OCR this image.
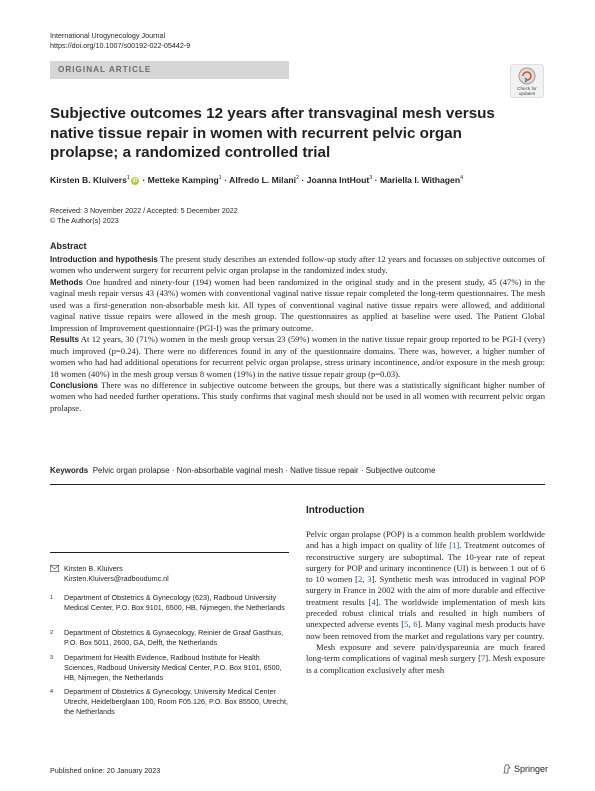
International Urogynecology Journal
https://doi.org/10.1007/s00192-022-05442-9
ORIGINAL ARTICLE
Check for
updates
Subjective outcomes 12 years after transvaginal mesh versus native tissue repair in women with recurrent pelvic organ prolapse; a randomized controlled trial
Kirsten B. Kluivers$^1$ iD · Metteke Kamping$^1$ · Alfredo L. Milani$^2$ · Joanna IntHout$^3$ · Mariella I. Withagen$^4$
Received: 3 November 2022 / Accepted: 5 December 2022
© The Author(s) 2023
Abstract

Introduction and hypothesis The present study describes an extended follow-up study after 12 years and focusses on subjective outcomes of women who underwent surgery for recurrent pelvic organ prolapse in the randomized index study.

Methods One hundred and ninety-four (194) women had been randomized in the original study and in the present study, 45 (47%) in the vaginal mesh repair versus 43 (43%) women with conventional vaginal native tissue repair completed the long-term questionnaires. The mesh used was a first-generation non-absorbable mesh kit. All types of conventional vaginal native tissue repairs were allowed, and additional vaginal native tissue repairs were allowed in the mesh group. The questionnaires as applied at baseline were used. The Patient Global Impression of Improvement questionnaire (PGI-I) was the primary outcome.

Results At 12 years, 30 (71%) women in the mesh group versus 23 (59%) women in the native tissue repair group reported to be PGI-I (very) much improved (p=0.24). There were no differences found in any of the questionnaire domains. There was, however, a higher number of women who had had additional operations for recurrent pelvic organ prolapse, stress urinary incontinence, and/or exposure in the mesh group: 18 women (40%) in the mesh group versus 8 women (19%) in the native tissue repair group (p=0.03).

Conclusions There was no difference in subjective outcome between the groups, but there was a statistically significant higher number of women who had needed further operations. This study confirms that vaginal mesh should not be used in all women with recurrent pelvic organ prolapse.

Keywords Pelvic organ prolapse · Non-absorbable vaginal mesh · Native tissue repair · Subjective outcome
Introduction

Pelvic organ prolapse (POP) is a common health problem worldwide and has a high impact on quality of life [1]. Treatment outcomes of reconstructive surgery are suboptimal. The 10-year rate of repeat surgery for POP and urinary incontinence (UI) is between 1 out of 6 to 10 women [2, 3]. Synthetic mesh was introduced in vaginal POP surgery in France in 2002 with the aim of more durable and effective treatment results [4]. The worldwide implementation of mesh kits preceded robust clinical trials and resulted in high numbers of unexpected adverse events [5, 6]. Many vaginal mesh products have now been removed from the market and regulations vary per country.

Mesh exposure and severe pain/dyspareunia are much feared long-term complications of vaginal mesh surgery [7]. Mesh exposure is a complication exclusively after mesh

Kirsten B. Kluivers
Kirsten.Kluivers@radboudumc.nl
1 Department of Obstetrics & Gynecology (623), Radboud University Medical Center, P.O. Box 9101, 6500, HB, Nijmegen, the Netherlands
2 Department of Obstetrics & Gynaecology, Reinier de Graaf Gasthuis, P.O. Box 5011, 2600, GA, Delft, the Netherlands
3 Department for Health Evidence, Radboud Institute for Health Sciences, Radboud University Medical Center, P.O. Box 9101, 6500, HB, Nijmegen, the Netherlands
4 Department of Obstetrics & Gynecology, University Medical Center Utrecht, Heidelberglaan 100, Room F05.126, P.O. Box 85500, Utrecht, the Netherlands
Published online: 20 January 2023	Springer
